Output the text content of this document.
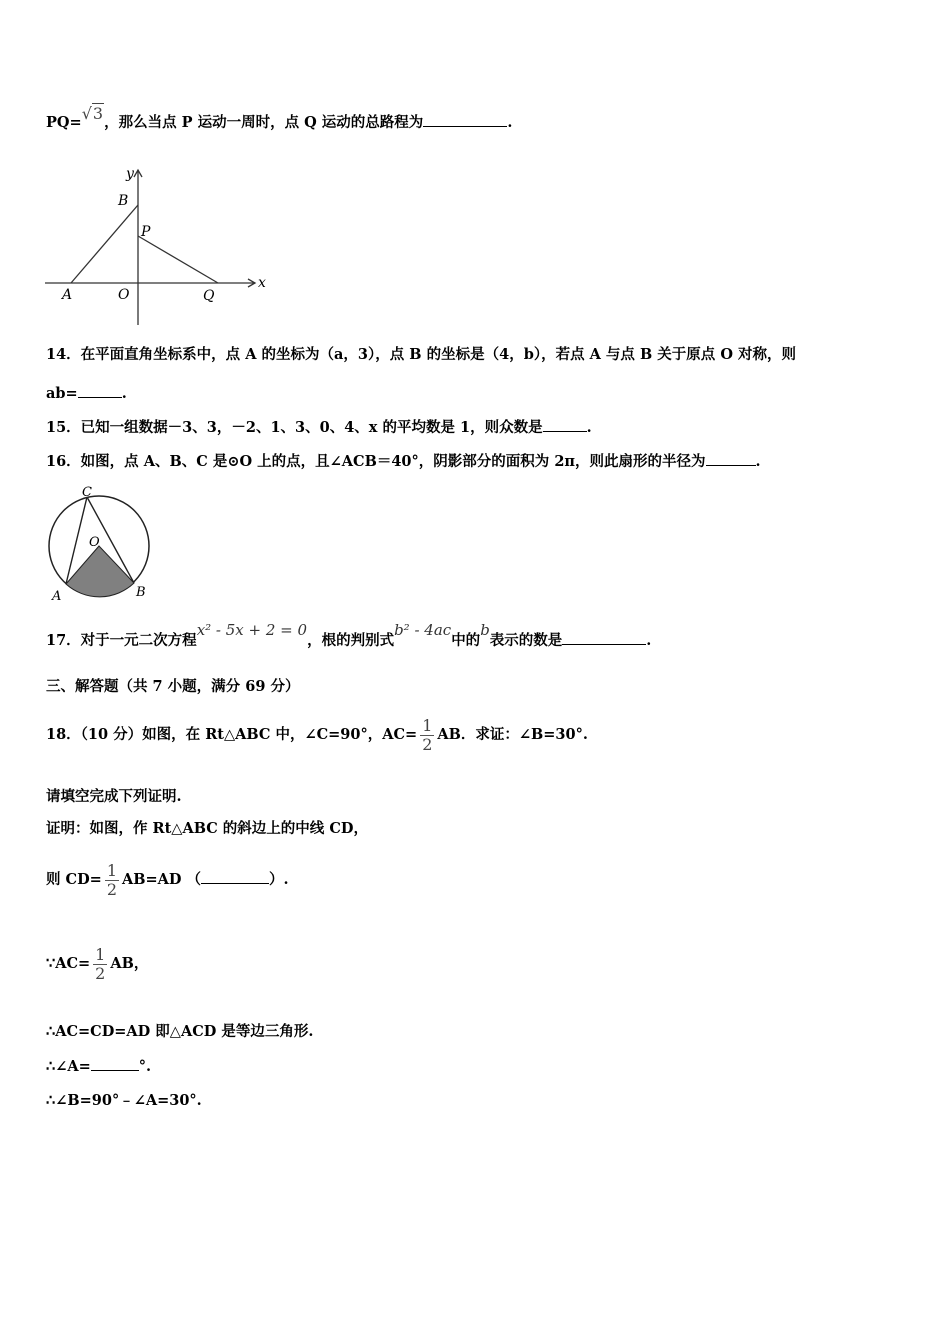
PQ=√3，那么当点 P 运动一周时，点 Q 运动的总路程为	.
y
x
B
P
A	O	Q
14．在平面直角坐标系中，点 A 的坐标为（a，3），点 B 的坐标是（4，b），若点 A 与点 B 关于原点 O 对称，则
ab=	.
15．已知一组数据－3、3，－2、1、3、0、4、x 的平均数是 1，则众数是	.
16．如图，点 A、B、C 是⊙O 上的点，且∠ACB＝40°，阴影部分的面积为 2π，则此扇形的半径为	.
C
O
A	B
17．对于一元二次方程x² - 5x + 2 = 0，根的判别式b² - 4ac中的b表示的数是	.
三、解答题（共 7 小题，满分 69 分）
18．（10 分）如图，在 Rt△ABC 中，∠C=90°，$AC= \frac{1}{2}$ AB．求证：∠B=30°.
请填空完成下列证明.
证明：如图，作 Rt△ABC 的斜边上的中线 CD，
则 $CD= \frac{1}{2} AB=AD$ （	）.
∵AC= $\frac{1}{2}$ AB，
∴AC=CD=AD 即△ACD 是等边三角形.
∴∠A=	°.
∴∠B=90°﹣∠A=30°.
